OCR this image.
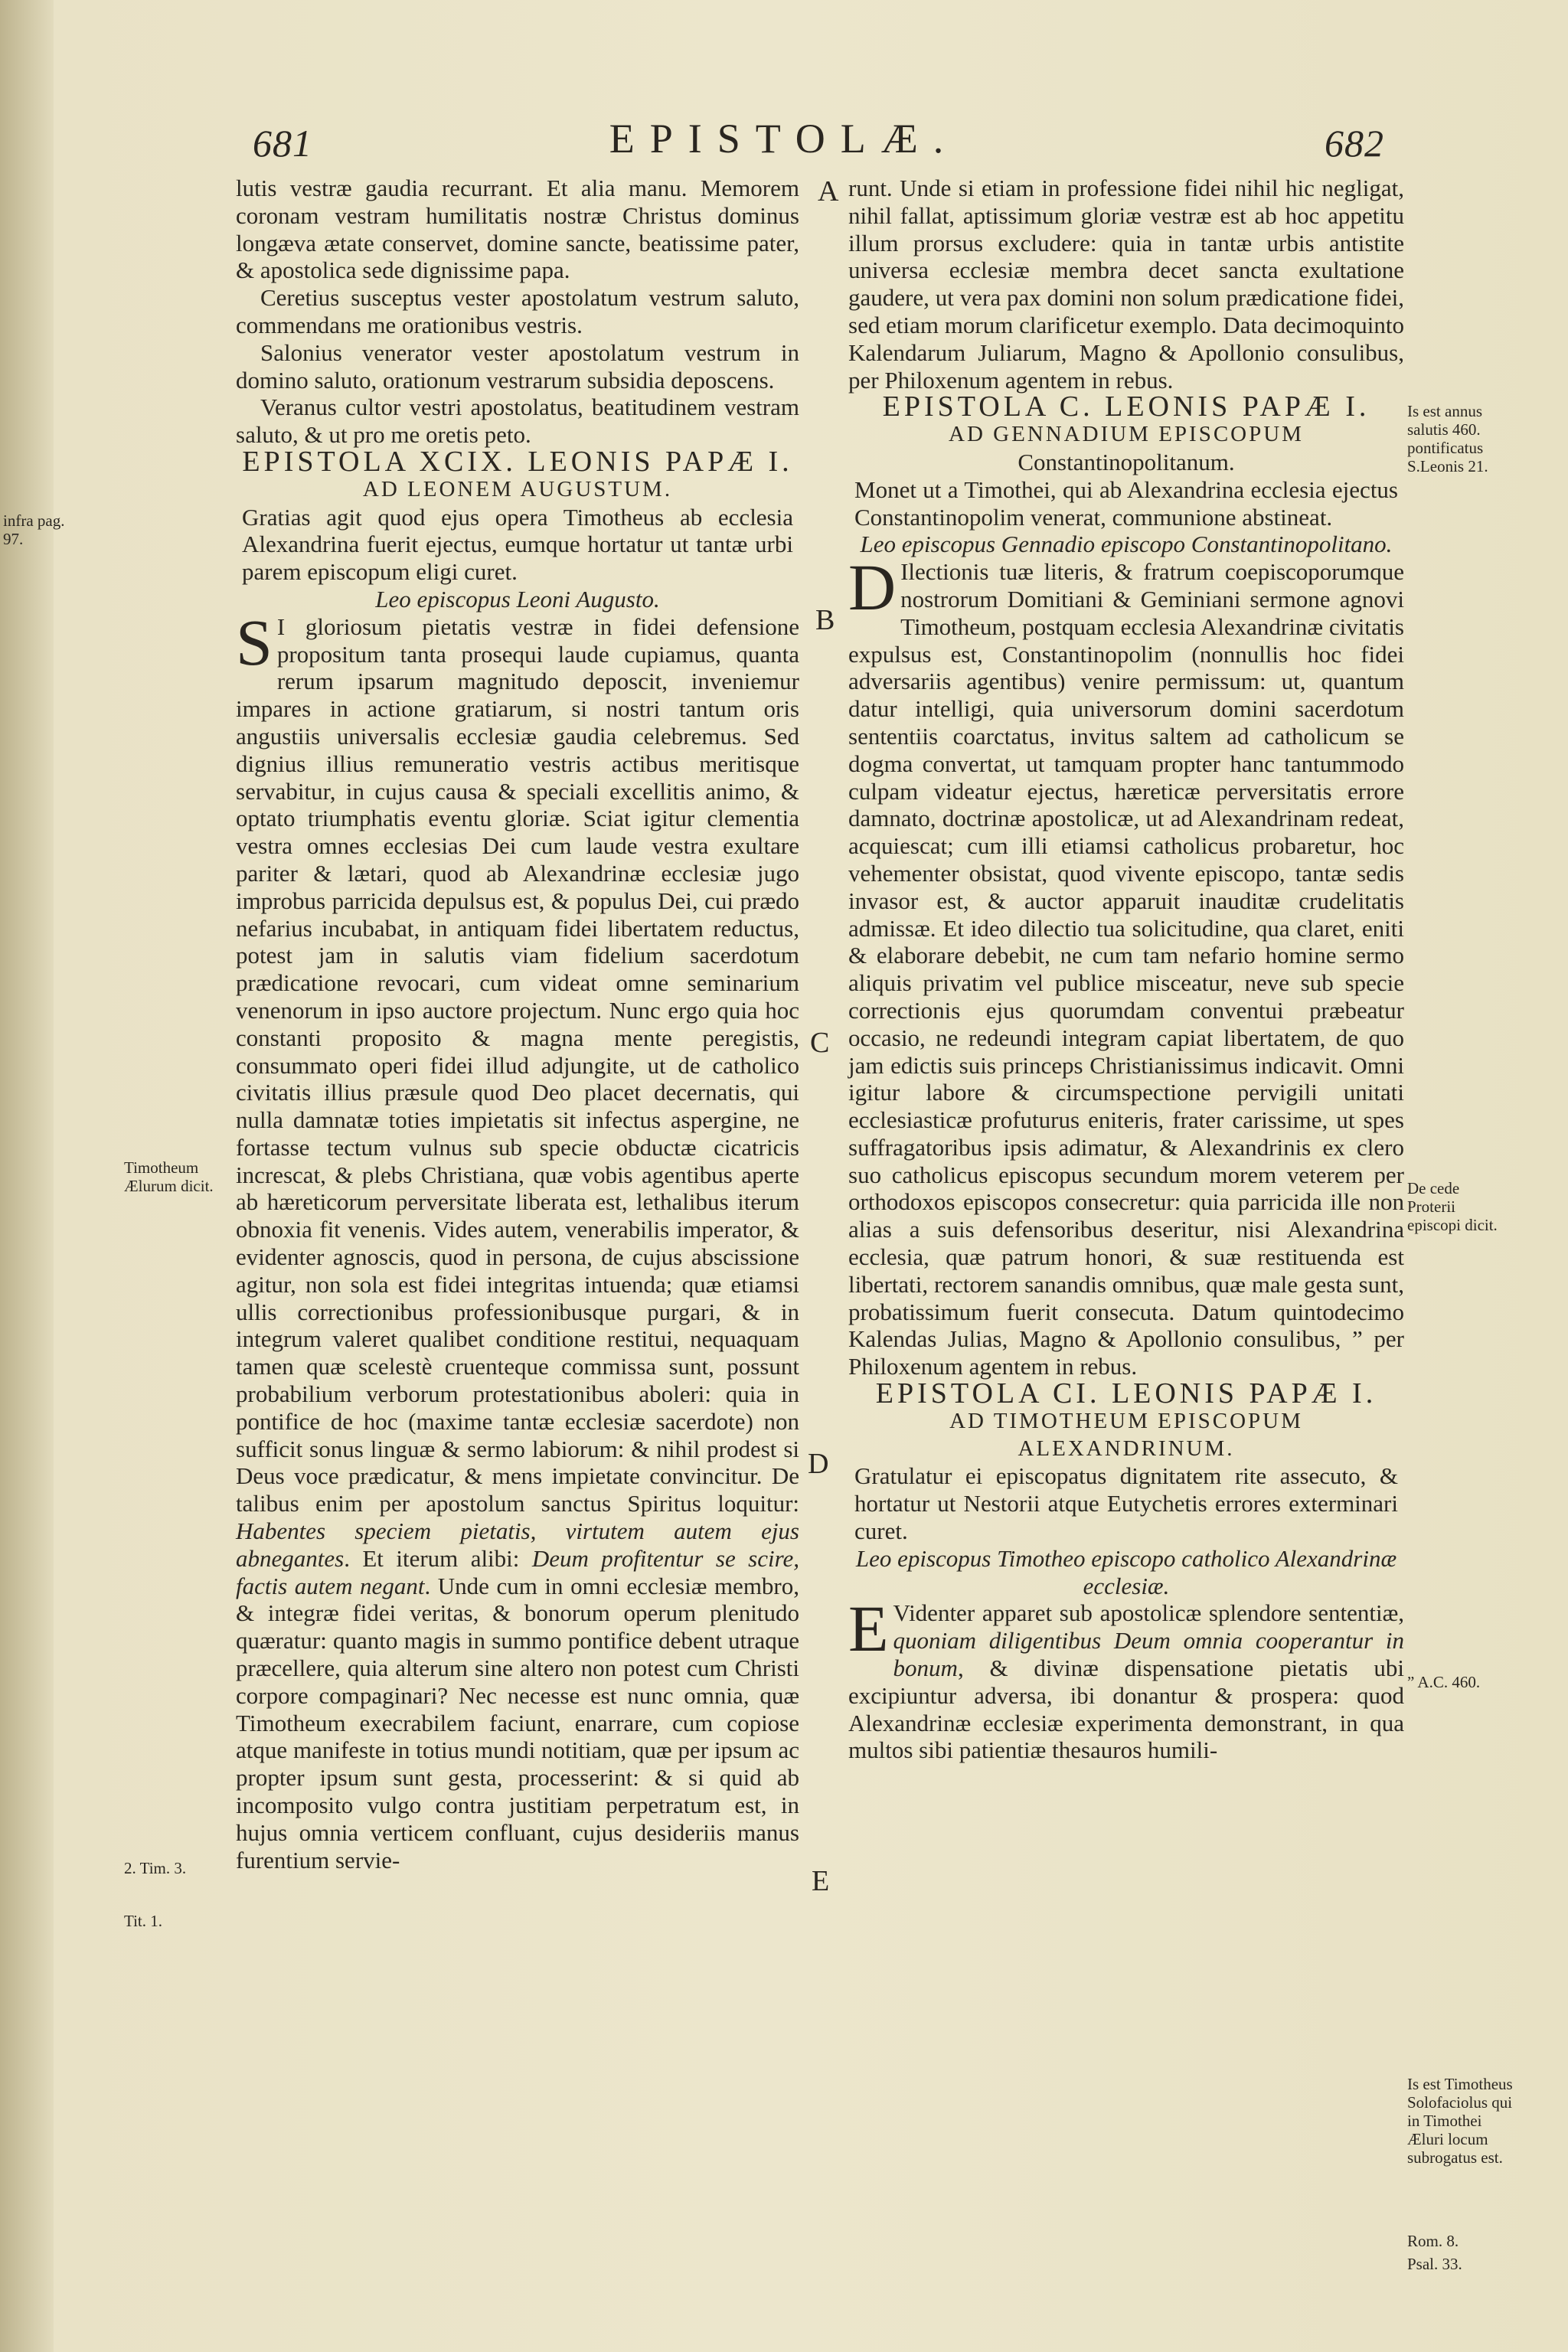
681	EPISTOLÆ.	682

lutis vestræ gaudia recurrant. Et alia manu. Memorem coronam vestram humilitatis nostræ Christus dominus longæva ætate conservet, domine sancte, beatissime pater, & apostolica sede dignissime papa.

Ceretius susceptus vester apostolatum vestrum saluto, commendans me orationibus vestris.

Salonius venerator vester apostolatum vestrum in domino saluto, orationum vestrarum subsidia deposcens.

Veranus cultor vestri apostolatus, beatitudinem vestram saluto, & ut pro me oretis peto.

EPISTOLA XCIX. LEONIS PAPÆ I.

AD LEONEM AUGUSTUM.

Gratias agit quod ejus opera Timotheus ab ecclesia Alexandrina fuerit ejectus, eumque hortatur ut tantæ urbi parem episcopum eligi curet.

Leo episcopus Leoni Augusto.

S I gloriosum pietatis vestræ in fidei defensione propositum tanta prosequi laude cupiamus, quanta rerum ipsarum magnitudo deposcit, inveniemur impares in actione gratiarum, si nostri tantum oris angustiis universalis ecclesiæ gaudia celebremus. Sed dignius illius remuneratio vestris actibus meritisque servabitur, in cujus causa & speciali excellitis animo, & optato triumphatis eventu gloriæ. Sciat igitur clementia vestra omnes ecclesias Dei cum laude vestra exultare pariter & lætari, quod ab Alexandrinæ ecclesiæ jugo improbus parricida depulsus est, & populus Dei, cui prædo nefarius incubabat, in antiquam fidei libertatem reductus, potest jam in salutis viam fidelium sacerdotum prædicatione revocari, cum videat omne seminarium venenorum in ipso auctore projectum. Nunc ergo quia hoc constanti proposito & magna mente peregistis, consummato operi fidei illud adjungite, ut de catholico civitatis illius præsule quod Deo placet decernatis, qui nulla damnatæ toties impietatis sit infectus aspergine, ne fortasse tectum vulnus sub specie obductæ cicatricis increscat, & plebs Christiana, quæ vobis agentibus aperte ab hæreticorum perversitate liberata est, lethalibus iterum obnoxia fit venenis. Vides autem, venerabilis imperator, & evidenter agnoscis, quod in persona, de cujus abscissione agitur, non sola est fidei integritas intuenda; quæ etiamsi ullis correctionibus professionibusque purgari, & in integrum valeret qualibet conditione restitui, nequaquam tamen quæ scelestè cruenteque commissa sunt, possunt probabilium verborum protestationibus aboleri: quia in pontifice de hoc (maxime tantæ ecclesiæ sacerdote) non sufficit sonus linguæ & sermo labiorum: & nihil prodest si Deus voce prædicatur, & mens impietate convincitur. De talibus enim per apostolum sanctus Spiritus loquitur: Habentes speciem pietatis, virtutem autem ejus abnegantes. Et iterum alibi: Deum profitentur se scire, factis autem negant. Unde cum in omni ecclesiæ membro, & integræ fidei veritas, & bonorum operum plenitudo quæratur: quanto magis in summo pontifice debent utraque præcellere, quia alterum sine altero non potest cum Christi corpore compaginari? Nec necesse est nunc omnia, quæ Timotheum execrabilem faciunt, enarrare, cum copiose atque manifeste in totius mundi notitiam, quæ per ipsum ac propter ipsum sunt gesta, processerint: & si quid ab incomposito vulgo contra justitiam perpetratum est, in hujus omnia verticem confluant, cujus desideriis manus furentium servie-

runt. Unde si etiam in professione fidei nihil hic negligat, nihil fallat, aptissimum gloriæ vestræ est ab hoc appetitu illum prorsus excludere: quia in tantæ urbis antistite universa ecclesiæ membra decet sancta exultatione gaudere, ut vera pax domini non solum prædicatione fidei, sed etiam morum clarificetur exemplo. Data decimoquinto Kalendarum Juliarum, Magno & Apollonio consulibus, per Philoxenum agentem in rebus.

EPISTOLA C. LEONIS PAPÆ I.

AD GENNADIUM EPISCOPUM

Constantinopolitanum.

Monet ut a Timothei, qui ab Alexandrina ecclesia ejectus Constantinopolim venerat, communione abstineat.

Leo episcopus Gennadio episcopo Constantinopolitano.

D Ilectionis tuæ literis, & fratrum coepiscoporumque nostrorum Domitiani & Geminiani sermone agnovi Timotheum, postquam ecclesia Alexandrinæ civitatis expulsus est, Constantinopolim (nonnullis hoc fidei adversariis agentibus) venire permissum: ut, quantum datur intelligi, quia universorum domini sacerdotum sententiis coarctatus, invitus saltem ad catholicum se dogma convertat, ut tamquam propter hanc tantummodo culpam videatur ejectus, hæreticæ perversitatis errore damnato, doctrinæ apostolicæ, ut ad Alexandrinam redeat, acquiescat; cum illi etiamsi catholicus probaretur, hoc vehementer obsistat, quod vivente episcopo, tantæ sedis invasor est, & auctor apparuit inauditæ crudelitatis admissæ. Et ideo dilectio tua solicitudine, qua claret, eniti & elaborare debebit, ne cum tam nefario homine sermo aliquis privatim vel publice misceatur, neve sub specie correctionis ejus quorumdam conventui præbeatur occasio, ne redeundi integram capiat libertatem, de quo jam edictis suis princeps Christianissimus indicavit. Omni igitur labore & circumspectione pervigili unitati ecclesiasticæ profuturus eniteris, frater carissime, ut spes suffragatoribus ipsis adimatur, & Alexandrinis ex clero suo catholicus episcopus secundum morem veterem per orthodoxos episcopos consecretur: quia parricida ille non alias a suis defensoribus deseritur, nisi Alexandrina ecclesia, quæ patrum honori, & suæ restituenda est libertati, rectorem sanandis omnibus, quæ male gesta sunt, probatissimum fuerit consecuta. Datum quintodecimo Kalendas Julias, Magno & Apollonio consulibus, ” per Philoxenum agentem in rebus.

EPISTOLA CI. LEONIS PAPÆ I.

AD TIMOTHEUM EPISCOPUM ALEXANDRINUM.

Gratulatur ei episcopatus dignitatem rite assecuto, & hortatur ut Nestorii atque Eutychetis errores exterminari curet.

Leo episcopus Timotheo episcopo catholico Alexandrinæ ecclesiæ.

E Videnter apparet sub apostolicæ splendore sententiæ, quoniam diligentibus Deum omnia cooperantur in bonum, & divinæ dispensatione pietatis ubi excipiuntur adversa, ibi donantur & prospera: quod Alexandrinæ ecclesiæ experimenta demonstrant, in qua multos sibi patientiæ thesauros humili-

A
B
C
D
E
infra pag. 97.
Timotheum Ælurum dicit.
2. Tim. 3.
Tit. 1.
Is est annus salutis 460. pontificatus S.Leonis 21.
De cede Proterii episcopi dicit.
” A.C. 460.
Is est Timotheus Solofaciolus qui in Timothei Æluri locum subrogatus est.
Rom. 8.
Psal. 33.
